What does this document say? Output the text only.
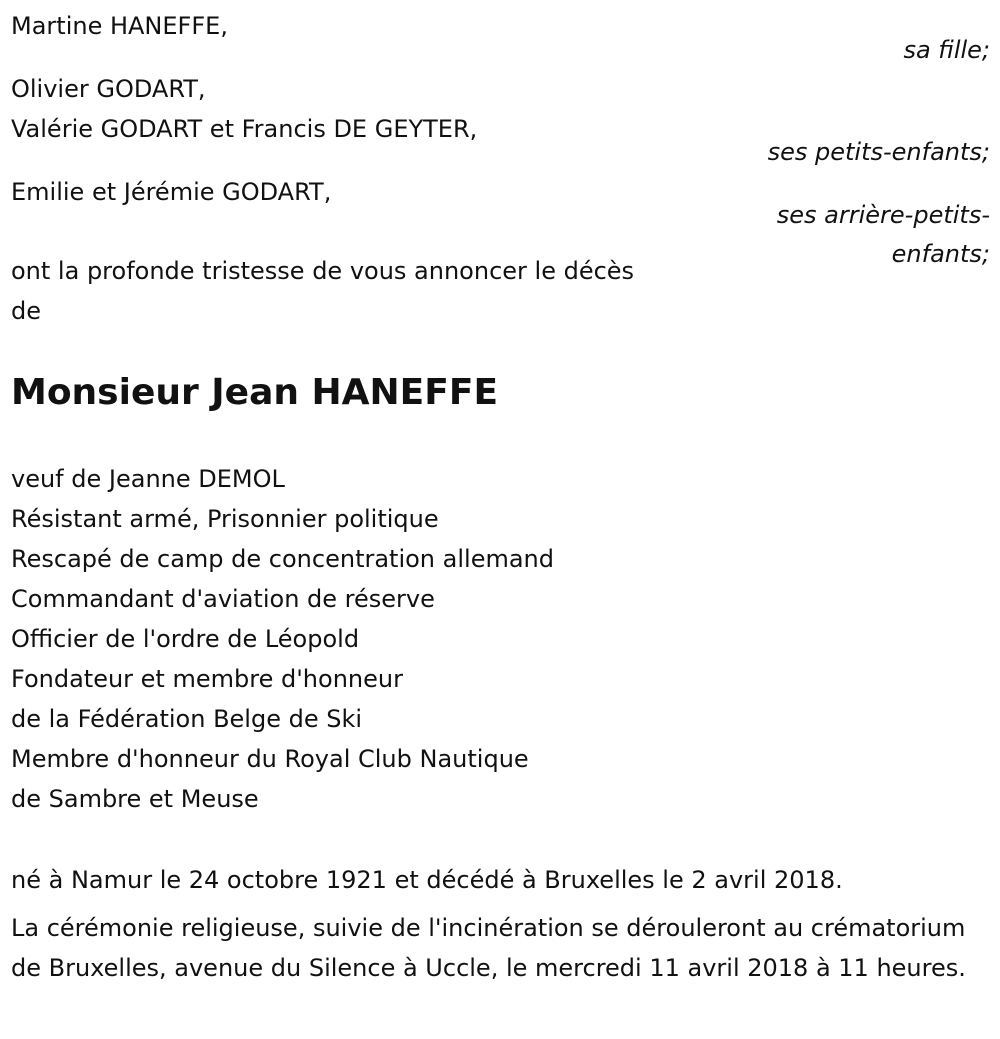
Martine HANEFFE,
sa fille;
Olivier GODART,
Valérie GODART et Francis DE GEYTER,
ses petits-enfants;
Emilie et Jérémie GODART,
ses arrière-petits-
enfants;
ont la profonde tristesse de vous annoncer le décès
de
Monsieur Jean HANEFFE
veuf de Jeanne DEMOL
Résistant armé, Prisonnier politique
Rescapé de camp de concentration allemand
Commandant d'aviation de réserve
Officier de l'ordre de Léopold
Fondateur et membre d'honneur
de la Fédération Belge de Ski
Membre d'honneur du Royal Club Nautique
de Sambre et Meuse
né à Namur le 24 octobre 1921 et décédé à Bruxelles le 2 avril 2018.
La cérémonie religieuse, suivie de l'incinération se dérouleront au crématorium de Bruxelles, avenue du Silence à Uccle, le mercredi 11 avril 2018 à 11 heures.
